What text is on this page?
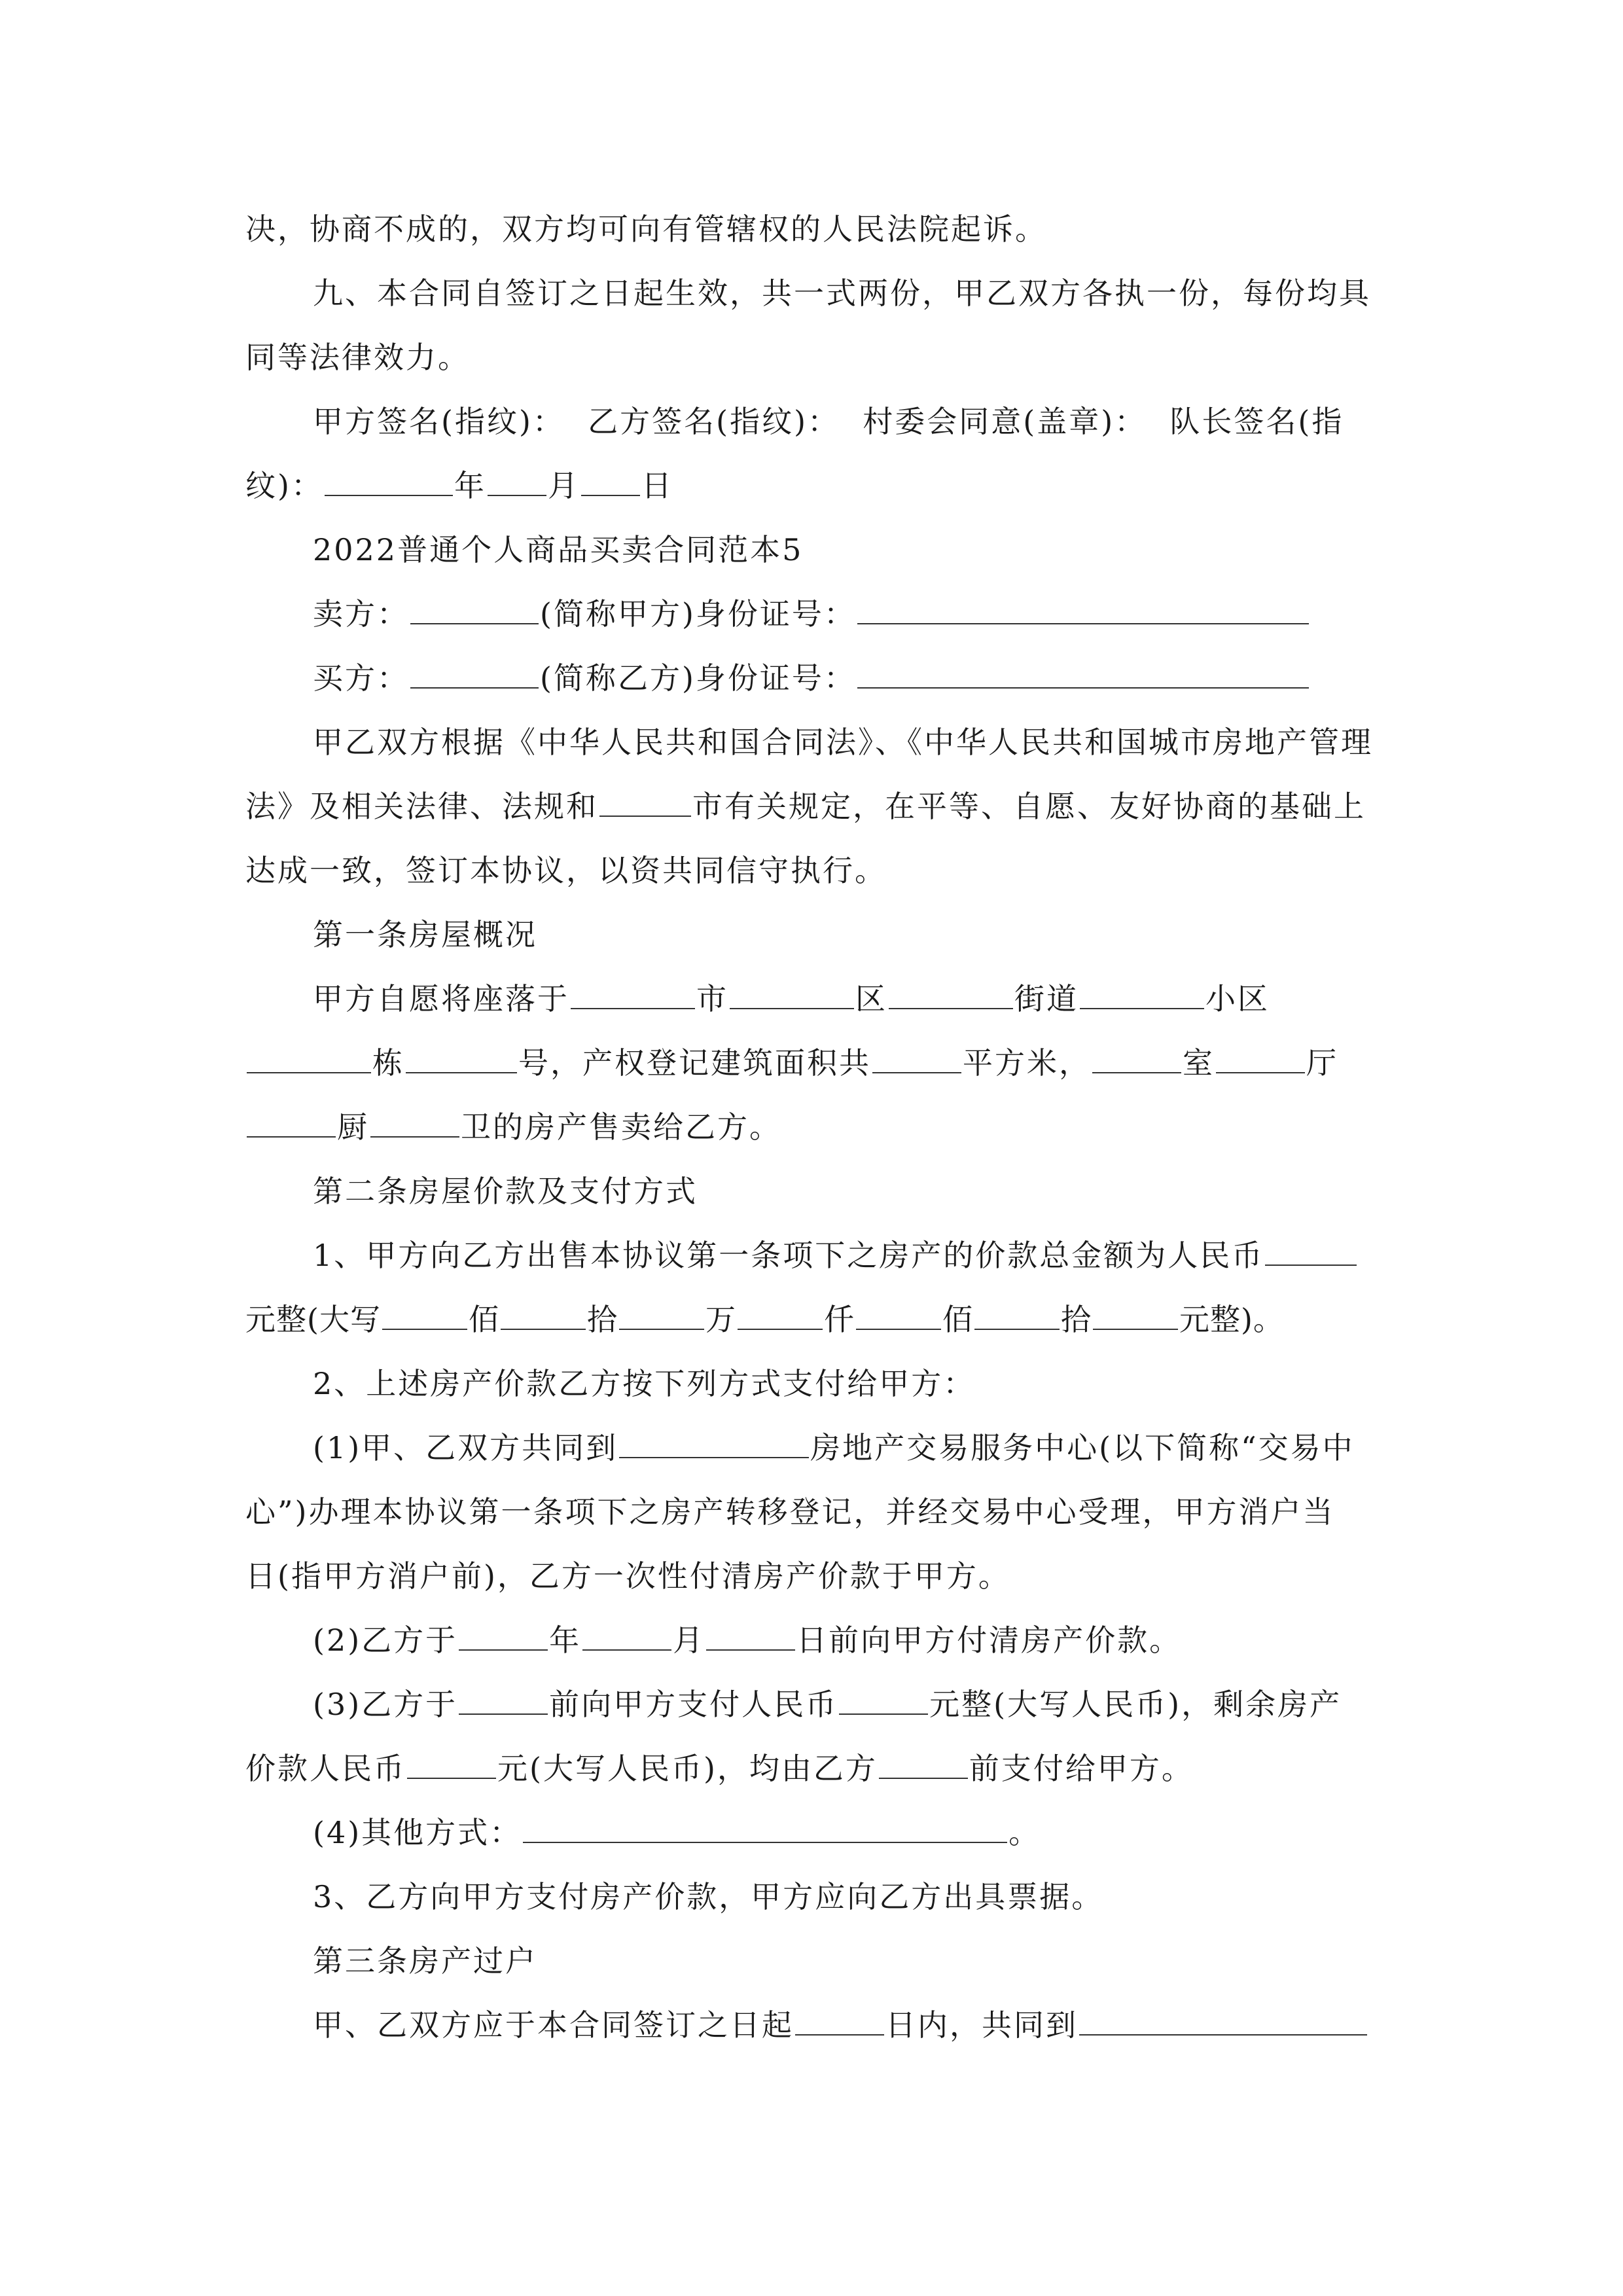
决，协商不成的，双方均可向有管辖权的人民法院起诉。
九、本合同自签订之日起生效，共一式两份，甲乙双方各执一份，每份均具
同等法律效力。
甲方签名(指纹)：  乙方签名(指纹)：  村委会同意(盖章)：  队长签名(指
纹)：	年 月 日
2022普通个人商品买卖合同范本5
卖方：	(简称甲方)身份证号：
买方：	(简称乙方)身份证号：
甲乙双方根据《中华人民共和国合同法》、《中华人民共和国城市房地产管理
法》及相关法律、法规和	市有关规定，在平等、自愿、友好协商的基础上
达成一致，签订本协议，以资共同信守执行。
第一条房屋概况
甲方自愿将座落于	市	区	街道	小区
栋	号，产权登记建筑面积共	平方米，	室	厅
厨	卫的房产售卖给乙方。
第二条房屋价款及支付方式
1、甲方向乙方出售本协议第一条项下之房产的价款总金额为人民币
元整(大写	佰	拾	万	仟	佰	拾	元整)。
2、上述房产价款乙方按下列方式支付给甲方：
(1)甲、乙双方共同到	房地产交易服务中心(以下简称“交易中
心”)办理本协议第一条项下之房产转移登记，并经交易中心受理，甲方消户当
日(指甲方消户前)，乙方一次性付清房产价款于甲方。
(2)乙方于	年	月	日前向甲方付清房产价款。
(3)乙方于	前向甲方支付人民币	元整(大写人民币)，剩余房产
价款人民币	元(大写人民币)，均由乙方	前支付给甲方。
(4)其他方式：	。
3、乙方向甲方支付房产价款，甲方应向乙方出具票据。
第三条房产过户
甲、乙双方应于本合同签订之日起	日内，共同到
